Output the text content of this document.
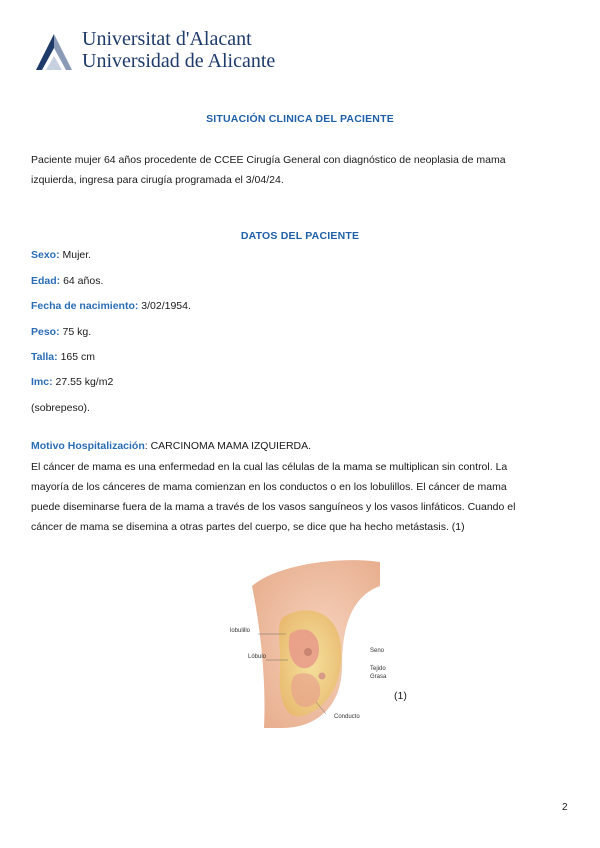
Universitat d'Alacant
Universidad de Alicante
SITUACIÓN CLINICA DEL PACIENTE
Paciente mujer 64 años procedente de CCEE Cirugía General con diagnóstico de neoplasia de mama
izquierda, ingresa para cirugía programada el 3/04/24.
DATOS DEL PACIENTE
Sexo: Mujer.
Edad: 64 años.
Fecha de nacimiento: 3/02/1954.
Peso: 75 kg.
Talla: 165 cm
Imc: 27.55 kg/m2
(sobrepeso).
Motivo Hospitalización: CARCINOMA MAMA IZQUIERDA.
El cáncer de mama es una enfermedad en la cual las células de la mama se multiplican sin control. La
mayoría de los cánceres de mama comienzan en los conductos o en los lobulillos. El cáncer de mama
puede diseminarse fuera de la mama a través de los vasos sanguíneos y los vasos linfáticos. Cuando el
cáncer de mama se disemina a otras partes del cuerpo, se dice que ha hecho metástasis. (1)
lobulillo
Lóbulo
Seno
Tejido
Grasa
Conducto
(1)
2
